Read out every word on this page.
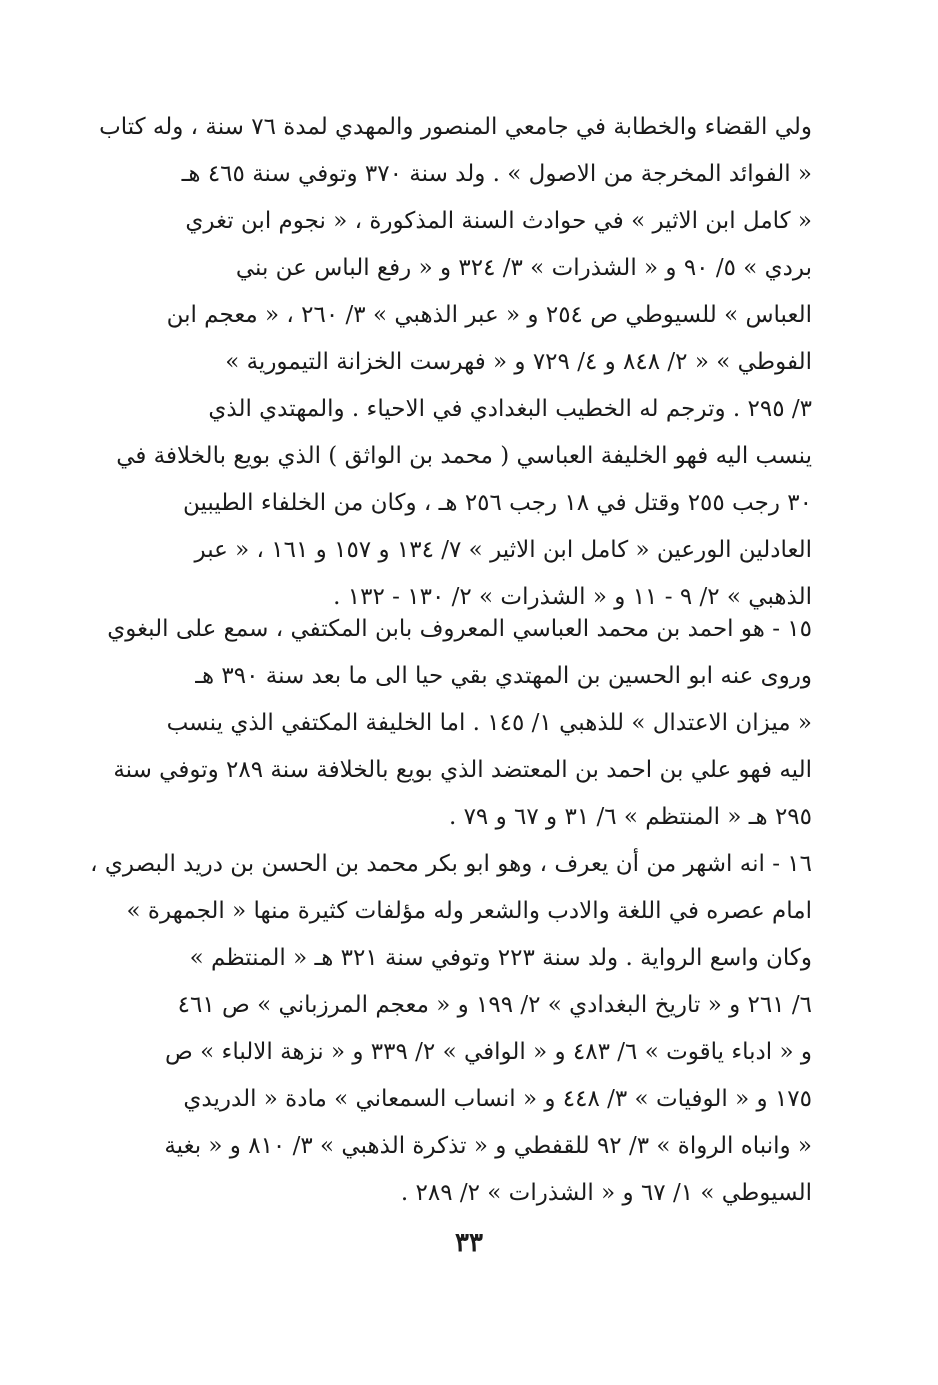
ولي القضاء والخطابة في جامعي المنصور والمهدي لمدة ٧٦ سنة ، وله كتاب
« الفوائد المخرجة من الاصول » . ولد سنة ٣٧٠ وتوفي سنة ٤٦٥ هـ
« كامل ابن الاثير » في حوادث السنة المذكورة ، « نجوم ابن تغري
بردي » ٥/ ٩٠ و « الشذرات » ٣/ ٣٢٤ و « رفع الباس عن بني
العباس » للسيوطي ص ٢٥٤ و « عبر الذهبي » ٣/ ٢٦٠ ، « معجم ابن
الفوطي » « ٢/ ٨٤٨ و ٤/ ٧٢٩ و « فهرست الخزانة التيمورية »
٣/ ٢٩٥ . وترجم له الخطيب البغدادي في الاحياء . والمهتدي الذي
ينسب اليه فهو الخليفة العباسي ( محمد بن الواثق ) الذي بويع بالخلافة في
٣٠ رجب ٢٥٥ وقتل في ١٨ رجب ٢٥٦ هـ ، وكان من الخلفاء الطيبين
العادلين الورعين « كامل ابن الاثير » ٧/ ١٣٤ و ١٥٧ و ١٦١ ، « عبر
الذهبي » ٢/ ٩ - ١١ و « الشذرات » ٢/ ١٣٠ - ١٣٢ .

١٥ - هو احمد بن محمد العباسي المعروف بابن المكتفي ، سمع على البغوي
وروى عنه ابو الحسين بن المهتدي بقي حيا الى ما بعد سنة ٣٩٠ هـ
« ميزان الاعتدال » للذهبي ١/ ١٤٥ . اما الخليفة المكتفي الذي ينسب
اليه فهو علي بن احمد بن المعتضد الذي بويع بالخلافة سنة ٢٨٩ وتوفي سنة
٢٩٥ هـ « المنتظم » ٦/ ٣١ و ٦٧ و ٧٩ .

١٦ - انه اشهر من أن يعرف ، وهو ابو بكر محمد بن الحسن بن دريد البصري ،
امام عصره في اللغة والادب والشعر وله مؤلفات كثيرة منها « الجمهرة »
وكان واسع الرواية . ولد سنة ٢٢٣ وتوفي سنة ٣٢١ هـ « المنتظم »
٦/ ٢٦١ و « تاريخ البغدادي » ٢/ ١٩٩ و « معجم المرزباني » ص ٤٦١
و « ادباء ياقوت » ٦/ ٤٨٣ و « الوافي » ٢/ ٣٣٩ و « نزهة الالباء » ص
١٧٥ و « الوفيات » ٣/ ٤٤٨ و « انساب السمعاني » مادة « الدريدي
« وانباه الرواة » ٣/ ٩٢ للقفطي و « تذكرة الذهبي » ٣/ ٨١٠ و « بغية
السيوطي » ١/ ٦٧ و « الشذرات » ٢/ ٢٨٩ .

٣٣
